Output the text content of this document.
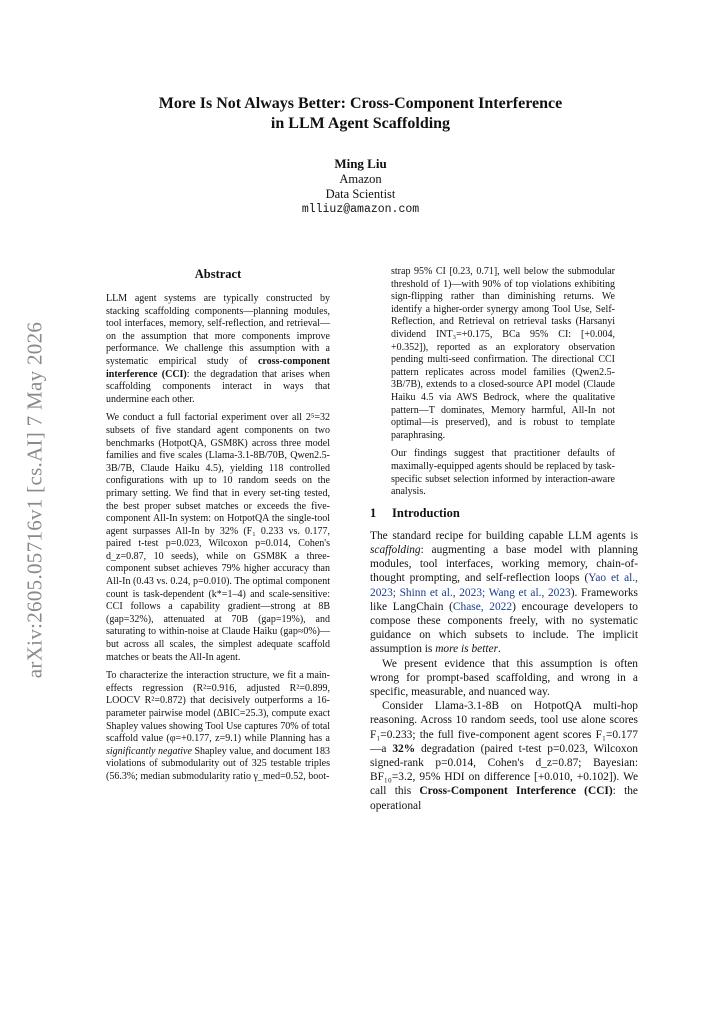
arXiv:2605.05716v1 [cs.AI] 7 May 2026
More Is Not Always Better: Cross-Component Interference
in LLM Agent Scaffolding
Ming Liu
Amazon
Data Scientist
mlliuz@amazon.com
Abstract

LLM agent systems are typically constructed by stacking scaffolding components—planning modules, tool interfaces, memory, self-reflection, and retrieval—on the assumption that more components improve performance. We challenge this assumption with a systematic empirical study of cross-component interference (CCI): the degradation that arises when scaffolding components interact in ways that undermine each other.

We conduct a full factorial experiment over all 2⁵=32 subsets of five standard agent components on two benchmarks (HotpotQA, GSM8K) across three model families and five scales (Llama-3.1-8B/70B, Qwen2.5-3B/7B, Claude Haiku 4.5), yielding 118 controlled configurations with up to 10 random seeds on the primary setting. We find that in every set-ting tested, the best proper subset matches or exceeds the five-component All-In system: on HotpotQA the single-tool agent surpasses All-In by 32% (F₁ 0.233 vs. 0.177, paired t-test p=0.023, Wilcoxon p=0.014, Cohen's d_z=0.87, 10 seeds), while on GSM8K a three-component subset achieves 79% higher accuracy than All-In (0.43 vs. 0.24, p=0.010). The optimal component count is task-dependent (k*=1–4) and scale-sensitive: CCI follows a capability gradient—strong at 8B (gap=32%), attenuated at 70B (gap=19%), and saturating to within-noise at Claude Haiku (gap≈0%)—but across all scales, the simplest adequate scaffold matches or beats the All-In agent.

To characterize the interaction structure, we fit a main-effects regression (R²=0.916, adjusted R²=0.899, LOOCV R²=0.872) that decisively outperforms a 16-parameter pairwise model (ΔBIC=25.3), compute exact Shapley values showing Tool Use captures 70% of total scaffold value (φ=+0.177, z=9.1) while Planning has a significantly negative Shapley value, and document 183 violations of submodularity out of 325 testable triples (56.3%; median submodularity ratio γ_med=0.52, boot-

strap 95% CI [0.23, 0.71], well below the submodular threshold of 1)—with 90% of top violations exhibiting sign-flipping rather than diminishing returns. We identify a higher-order synergy among Tool Use, Self-Reflection, and Retrieval on retrieval tasks (Harsanyi dividend INT₃=+0.175, BCa 95% CI: [+0.004, +0.352]), reported as an exploratory observation pending multi-seed confirmation. The directional CCI pattern replicates across model families (Qwen2.5-3B/7B), extends to a closed-source API model (Claude Haiku 4.5 via AWS Bedrock, where the qualitative pattern—T dominates, Memory harmful, All-In not optimal—is preserved), and is robust to template paraphrasing.

Our findings suggest that practitioner defaults of maximally-equipped agents should be replaced by task-specific subset selection informed by interaction-aware analysis.

1 Introduction

The standard recipe for building capable LLM agents is scaffolding: augmenting a base model with planning modules, tool interfaces, working memory, chain-of-thought prompting, and self-reflection loops (Yao et al., 2023; Shinn et al., 2023; Wang et al., 2023). Frameworks like LangChain (Chase, 2022) encourage developers to compose these components freely, with no systematic guidance on which subsets to include. The implicit assumption is more is better.

We present evidence that this assumption is often wrong for prompt-based scaffolding, and wrong in a specific, measurable, and nuanced way.

Consider Llama-3.1-8B on HotpotQA multi-hop reasoning. Across 10 random seeds, tool use alone scores F₁=0.233; the full five-component agent scores F₁=0.177—a 32% degradation (paired t-test p=0.023, Wilcoxon signed-rank p=0.014, Cohen's d_z=0.87; Bayesian: BF₁₀=3.2, 95% HDI on difference [+0.010, +0.102]). We call this Cross-Component Interference (CCI): the operational
